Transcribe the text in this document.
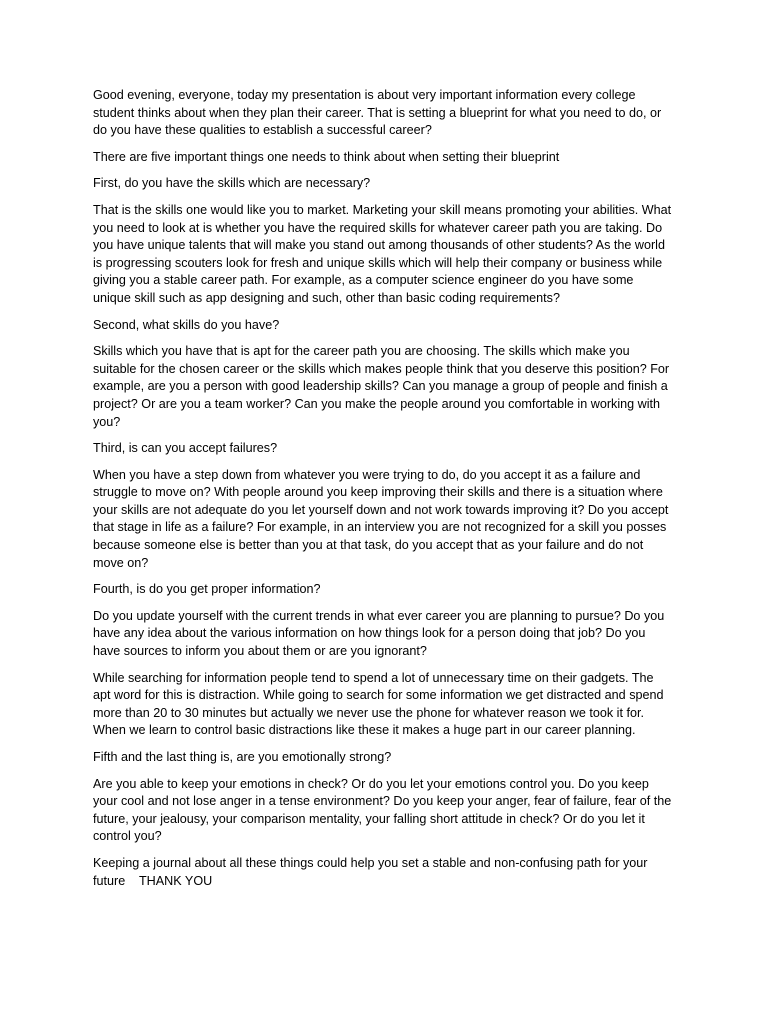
Good evening, everyone, today my presentation is about very important information every college student thinks about when they plan their career. That is setting a blueprint for what you need to do, or do you have these qualities to establish a successful career?

There are five important things one needs to think about when setting their blueprint

First, do you have the skills which are necessary?

That is the skills one would like you to market. Marketing your skill means promoting your abilities. What you need to look at is whether you have the required skills for whatever career path you are taking. Do you have unique talents that will make you stand out among thousands of other students? As the world is progressing scouters look for fresh and unique skills which will help their company or business while giving you a stable career path. For example, as a computer science engineer do you have some unique skill such as app designing and such, other than basic coding requirements?

Second, what skills do you have?

Skills which you have that is apt for the career path you are choosing. The skills which make you suitable for the chosen career or the skills which makes people think that you deserve this position? For example, are you a person with good leadership skills? Can you manage a group of people and finish a project? Or are you a team worker? Can you make the people around you comfortable in working with you?

Third, is can you accept failures?

When you have a step down from whatever you were trying to do, do you accept it as a failure and struggle to move on? With people around you keep improving their skills and there is a situation where your skills are not adequate do you let yourself down and not work towards improving it? Do you accept that stage in life as a failure? For example, in an interview you are not recognized for a skill you posses because someone else is better than you at that task, do you accept that as your failure and do not move on?

Fourth, is do you get proper information?

Do you update yourself with the current trends in what ever career you are planning to pursue? Do you have any idea about the various information on how things look for a person doing that job? Do you have sources to inform you about them or are you ignorant?

While searching for information people tend to spend a lot of unnecessary time on their gadgets. The apt word for this is distraction. While going to search for some information we get distracted and spend more than 20 to 30 minutes but actually we never use the phone for whatever reason we took it for. When we learn to control basic distractions like these it makes a huge part in our career planning.

Fifth and the last thing is, are you emotionally strong?

Are you able to keep your emotions in check? Or do you let your emotions control you. Do you keep your cool and not lose anger in a tense environment? Do you keep your anger, fear of failure, fear of the future, your jealousy, your comparison mentality, your falling short attitude in check? Or do you let it control you?

Keeping a journal about all these things could help you set a stable and non-confusing path for your future    THANK YOU
